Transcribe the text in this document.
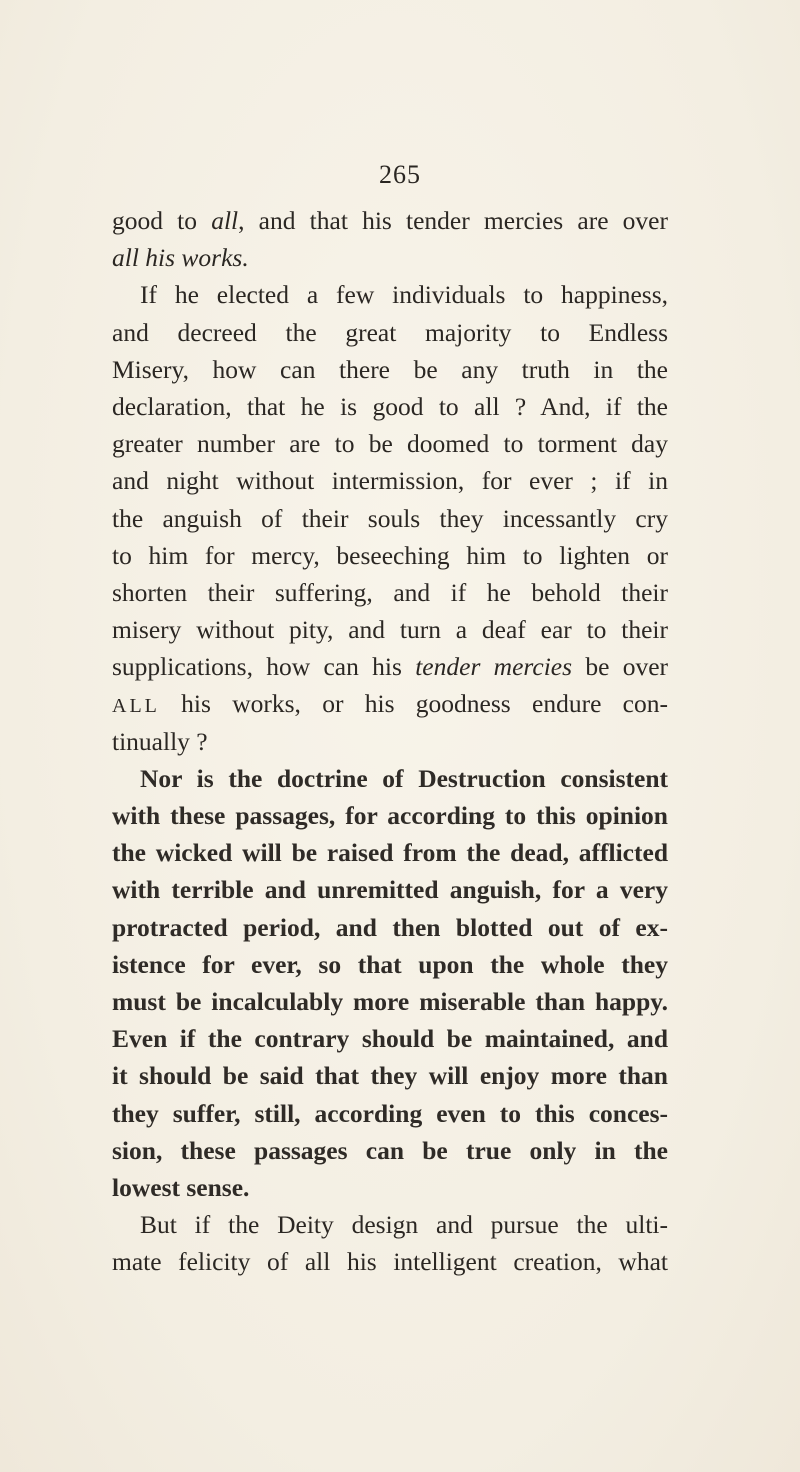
265
good to all, and that his tender mercies are over
all his works.
If he elected a few individuals to happiness,
and decreed the great majority to Endless
Misery, how can there be any truth in the
declaration, that he is good to all ? And, if the
greater number are to be doomed to torment day
and night without intermission, for ever ; if in
the anguish of their souls they incessantly cry
to him for mercy, beseeching him to lighten or
shorten their suffering, and if he behold their
misery without pity, and turn a deaf ear to their
supplications, how can his tender mercies be over
ALL his works, or his goodness endure con-
tinually ?
Nor is the doctrine of Destruction consistent
with these passages, for according to this opinion
the wicked will be raised from the dead, afflicted
with terrible and unremitted anguish, for a very
protracted period, and then blotted out of ex-
istence for ever, so that upon the whole they
must be incalculably more miserable than happy.
Even if the contrary should be maintained, and
it should be said that they will enjoy more than
they suffer, still, according even to this conces-
sion, these passages can be true only in the
lowest sense.
But if the Deity design and pursue the ulti-
mate felicity of all his intelligent creation, what
